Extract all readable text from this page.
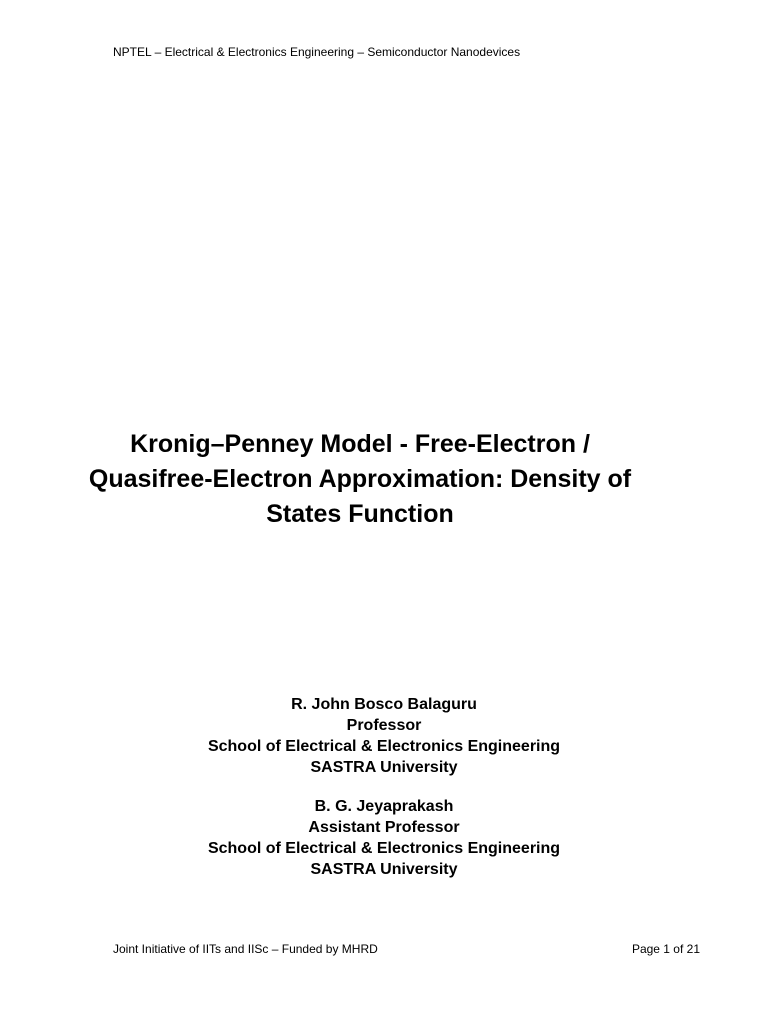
NPTEL – Electrical & Electronics Engineering – Semiconductor Nanodevices
Kronig–Penney Model - Free-Electron /
Quasifree-Electron Approximation: Density of
States Function
R. John Bosco Balaguru
Professor
School of Electrical & Electronics Engineering
SASTRA University
B. G. Jeyaprakash
Assistant Professor
School of Electrical & Electronics Engineering
SASTRA University
Joint Initiative of IITs and IISc – Funded by MHRD	Page 1 of 21
